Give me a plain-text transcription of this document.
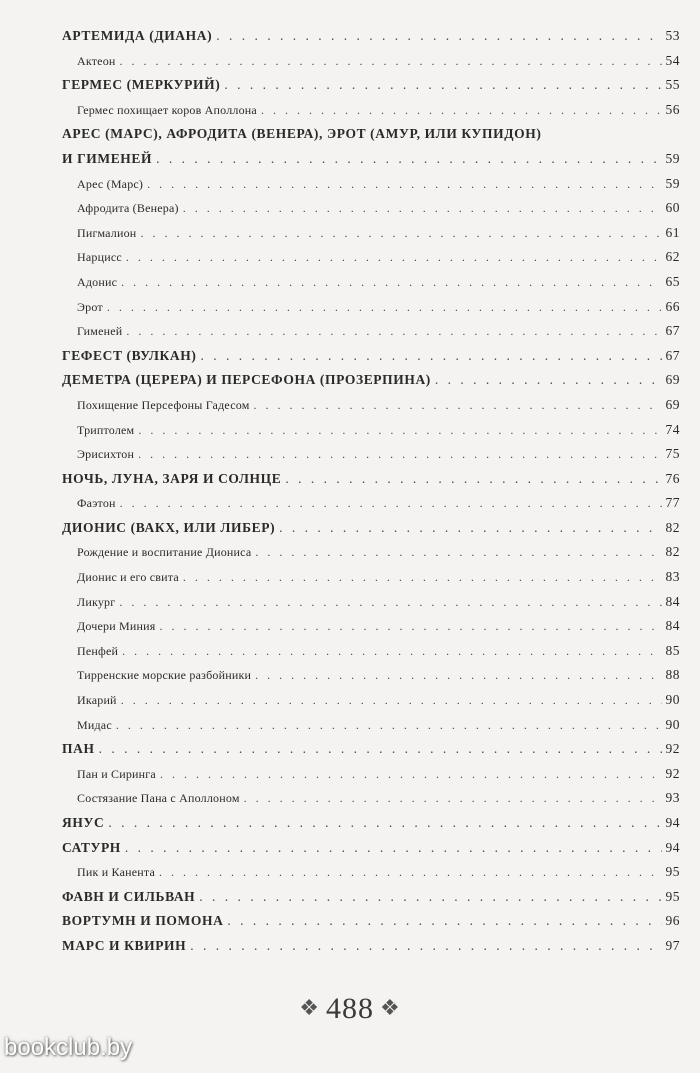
АРТЕМИДА (ДИАНА) . . .	53
Актеон . . .	54
ГЕРМЕС (МЕРКУРИЙ) . . .	55
Гермес похищает коров Аполлона . . .	56
АРЕС (МАРС), АФРОДИТА (ВЕНЕРА), ЭРОТ (АМУР, ИЛИ КУПИДОН)
И ГИМЕНЕЙ . . .	59
Арес (Марс) . . .	59
Афродита (Венера) . . .	60
Пигмалион . . .	61
Нарцисс . . .	62
Адонис . . .	65
Эрот . . .	66
Гименей . . .	67
ГЕФЕСТ (ВУЛКАН) . . .	67
ДЕМЕТРА (ЦЕРЕРА) И ПЕРСЕФОНА (ПРОЗЕРПИНА) . . .	69
Похищение Персефоны Гадесом . . .	69
Триптолем . . .	74
Эрисихтон . . .	75
НОЧЬ, ЛУНА, ЗАРЯ И СОЛНЦЕ . . .	76
Фаэтон . . .	77
ДИОНИС (ВАКХ, ИЛИ ЛИБЕР) . . .	82
Рождение и воспитание Диониса . . .	82
Дионис и его свита . . .	83
Ликург . . .	84
Дочери Миния . . .	84
Пенфей . . .	85
Тирренские морские разбойники . . .	88
Икарий . . .	90
Мидас . . .	90
ПАН . . .	92
Пан и Сиринга . . .	92
Состязание Пана с Аполлоном . . .	93
ЯНУС . . .	94
САТУРН . . .	94
Пик и Канента . . .	95
ФАВН И СИЛЬВАН . . .	95
ВОРТУМН И ПОМОНА . . .	96
МАРС И КВИРИН . . .	97
❖ 488 ❖
bookclub.by
